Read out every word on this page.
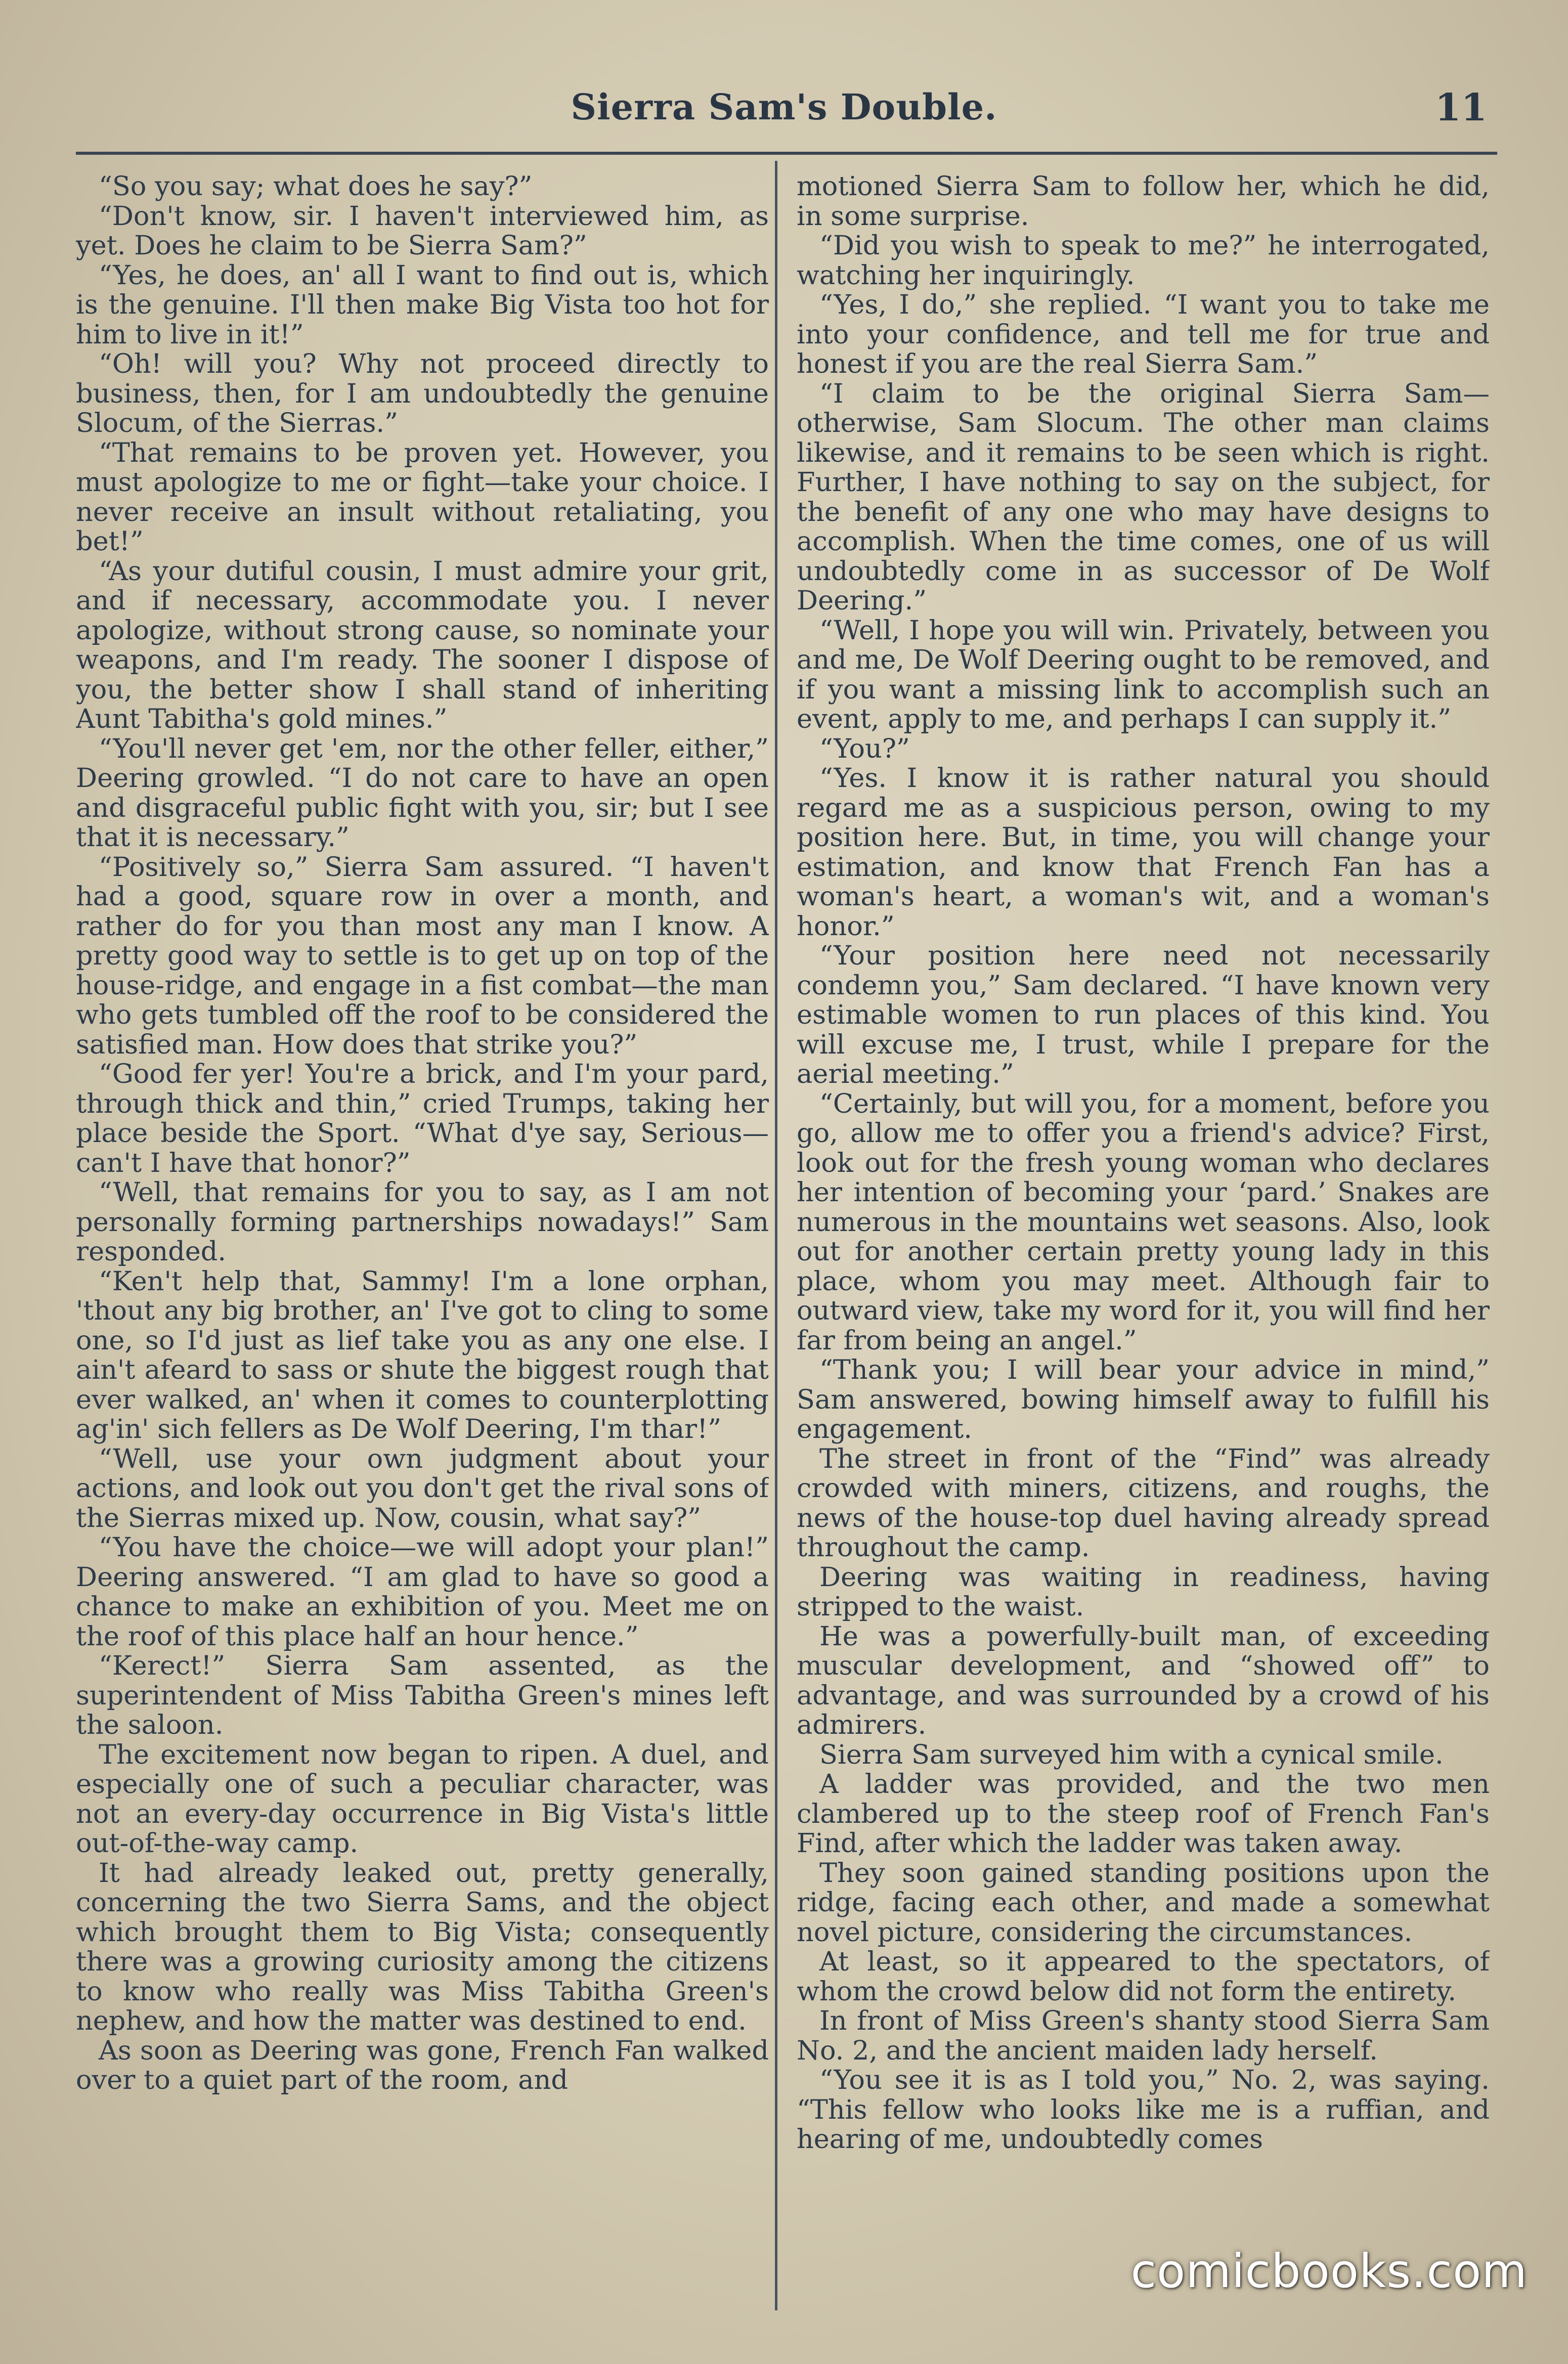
Sierra Sam's Double.	11

“So you say; what does he say?”

“Don't know, sir. I haven't interviewed him, as yet. Does he claim to be Sierra Sam?”

“Yes, he does, an' all I want to find out is, which is the genuine. I'll then make Big Vista too hot for him to live in it!”

“Oh! will you? Why not proceed directly to business, then, for I am undoubtedly the genuine Slocum, of the Sierras.”

“That remains to be proven yet. However, you must apologize to me or fight—take your choice. I never receive an insult without retaliating, you bet!”

“As your dutiful cousin, I must admire your grit, and if necessary, accommodate you. I never apologize, without strong cause, so nominate your weapons, and I'm ready. The sooner I dispose of you, the better show I shall stand of inheriting Aunt Tabitha's gold mines.”

“You'll never get 'em, nor the other feller, either,” Deering growled. “I do not care to have an open and disgraceful public fight with you, sir; but I see that it is necessary.”

“Positively so,” Sierra Sam assured. “I haven't had a good, square row in over a month, and rather do for you than most any man I know. A pretty good way to settle is to get up on top of the house-ridge, and engage in a fist combat—the man who gets tumbled off the roof to be considered the satisfied man. How does that strike you?”

“Good fer yer! You're a brick, and I'm your pard, through thick and thin,” cried Trumps, taking her place beside the Sport. “What d'ye say, Serious—can't I have that honor?”

“Well, that remains for you to say, as I am not personally forming partnerships nowadays!” Sam responded.

“Ken't help that, Sammy! I'm a lone orphan, 'thout any big brother, an' I've got to cling to some one, so I'd just as lief take you as any one else. I ain't afeard to sass or shute the biggest rough that ever walked, an' when it comes to counterplotting ag'in' sich fellers as De Wolf Deering, I'm thar!”

“Well, use your own judgment about your actions, and look out you don't get the rival sons of the Sierras mixed up. Now, cousin, what say?”

“You have the choice—we will adopt your plan!” Deering answered. “I am glad to have so good a chance to make an exhibition of you. Meet me on the roof of this place half an hour hence.”

“Kerect!” Sierra Sam assented, as the superintendent of Miss Tabitha Green's mines left the saloon.

The excitement now began to ripen. A duel, and especially one of such a peculiar character, was not an every-day occurrence in Big Vista's little out-of-the-way camp.

It had already leaked out, pretty generally, concerning the two Sierra Sams, and the object which brought them to Big Vista; consequently there was a growing curiosity among the citizens to know who really was Miss Tabitha Green's nephew, and how the matter was destined to end.

As soon as Deering was gone, French Fan walked over to a quiet part of the room, and

motioned Sierra Sam to follow her, which he did, in some surprise.

“Did you wish to speak to me?” he interrogated, watching her inquiringly.

“Yes, I do,” she replied. “I want you to take me into your confidence, and tell me for true and honest if you are the real Sierra Sam.”

“I claim to be the original Sierra Sam—otherwise, Sam Slocum. The other man claims likewise, and it remains to be seen which is right. Further, I have nothing to say on the subject, for the benefit of any one who may have designs to accomplish. When the time comes, one of us will undoubtedly come in as successor of De Wolf Deering.”

“Well, I hope you will win. Privately, between you and me, De Wolf Deering ought to be removed, and if you want a missing link to accomplish such an event, apply to me, and perhaps I can supply it.”

“You?”

“Yes. I know it is rather natural you should regard me as a suspicious person, owing to my position here. But, in time, you will change your estimation, and know that French Fan has a woman's heart, a woman's wit, and a woman's honor.”

“Your position here need not necessarily condemn you,” Sam declared. “I have known very estimable women to run places of this kind. You will excuse me, I trust, while I prepare for the aerial meeting.”

“Certainly, but will you, for a moment, before you go, allow me to offer you a friend's advice? First, look out for the fresh young woman who declares her intention of becoming your ‘pard.’ Snakes are numerous in the mountains wet seasons. Also, look out for another certain pretty young lady in this place, whom you may meet. Although fair to outward view, take my word for it, you will find her far from being an angel.”

“Thank you; I will bear your advice in mind,” Sam answered, bowing himself away to fulfill his engagement.

The street in front of the “Find” was already crowded with miners, citizens, and roughs, the news of the house-top duel having already spread throughout the camp.

Deering was waiting in readiness, having stripped to the waist.

He was a powerfully-built man, of exceeding muscular development, and “showed off” to advantage, and was surrounded by a crowd of his admirers.

Sierra Sam surveyed him with a cynical smile.

A ladder was provided, and the two men clambered up to the steep roof of French Fan's Find, after which the ladder was taken away.

They soon gained standing positions upon the ridge, facing each other, and made a somewhat novel picture, considering the circumstances.

At least, so it appeared to the spectators, of whom the crowd below did not form the entirety.

In front of Miss Green's shanty stood Sierra Sam No. 2, and the ancient maiden lady herself.

“You see it is as I told you,” No. 2, was saying. “This fellow who looks like me is a ruffian, and hearing of me, undoubtedly comes

comicbooks.com
